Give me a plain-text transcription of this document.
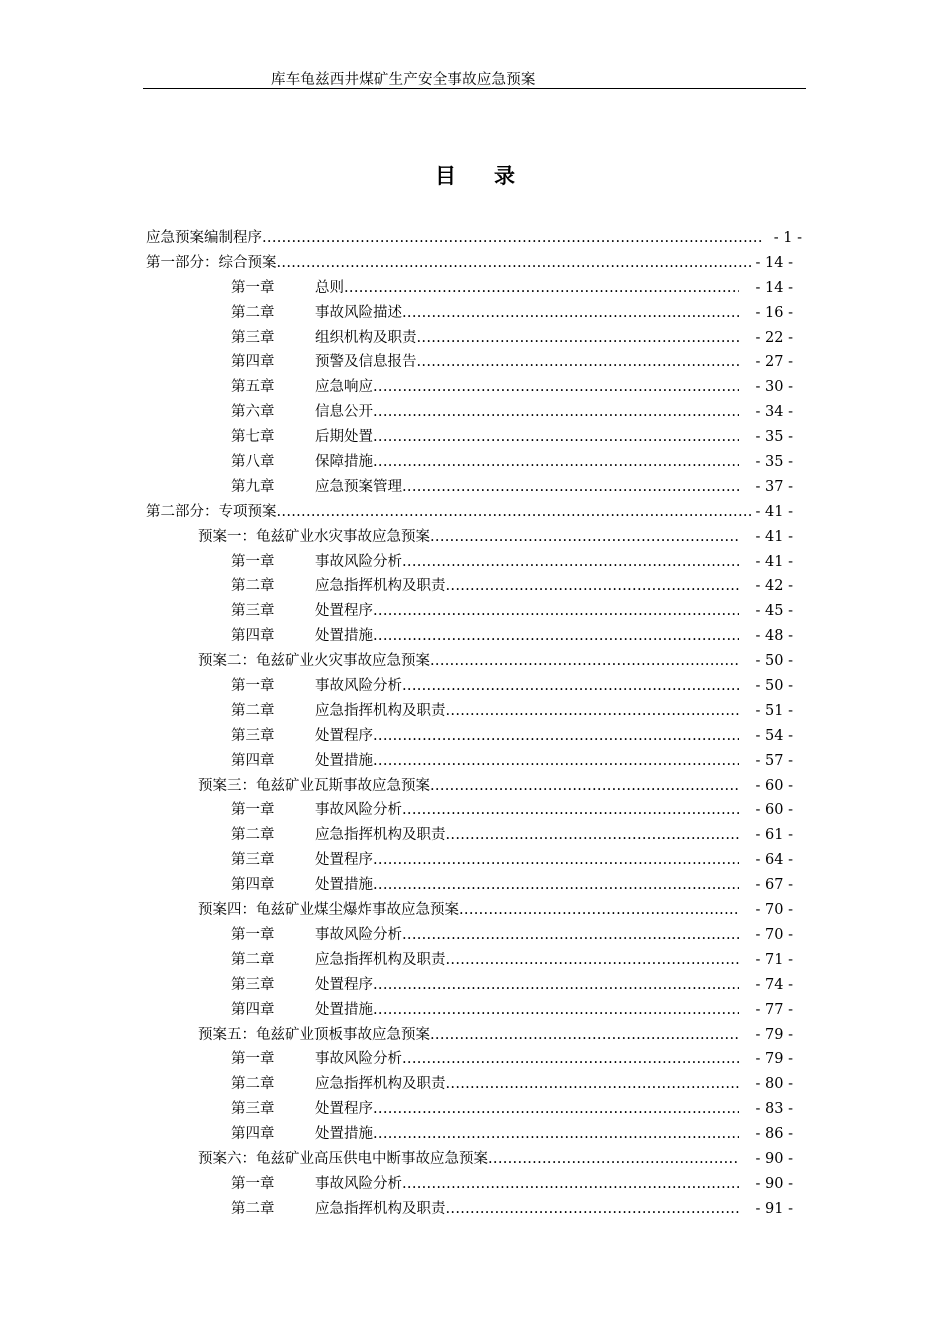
库车龟兹西井煤矿生产安全事故应急预案
目录
应急预案编制程序 .....	- 1 -
第一部分：综合预案 .....	- 14 -
第一章	总则 .....	- 14 -
第二章	事故风险描述 .....	- 16 -
第三章	组织机构及职责 .....	- 22 -
第四章	预警及信息报告 .....	- 27 -
第五章	应急响应 .....	- 30 -
第六章	信息公开 .....	- 34 -
第七章	后期处置 .....	- 35 -
第八章	保障措施 .....	- 35 -
第九章	应急预案管理 .....	- 37 -
第二部分：专项预案 .....	- 41 -
预案一：龟兹矿业水灾事故应急预案 .....	- 41 -
第一章	事故风险分析 .....	- 41 -
第二章	应急指挥机构及职责 .....	- 42 -
第三章	处置程序 .....	- 45 -
第四章	处置措施 .....	- 48 -
预案二：龟兹矿业火灾事故应急预案 .....	- 50 -
第一章	事故风险分析 .....	- 50 -
第二章	应急指挥机构及职责 .....	- 51 -
第三章	处置程序 .....	- 54 -
第四章	处置措施 .....	- 57 -
预案三：龟兹矿业瓦斯事故应急预案 .....	- 60 -
第一章	事故风险分析 .....	- 60 -
第二章	应急指挥机构及职责 .....	- 61 -
第三章	处置程序 .....	- 64 -
第四章	处置措施 .....	- 67 -
预案四：龟兹矿业煤尘爆炸事故应急预案 .....	- 70 -
第一章	事故风险分析 .....	- 70 -
第二章	应急指挥机构及职责 .....	- 71 -
第三章	处置程序 .....	- 74 -
第四章	处置措施 .....	- 77 -
预案五：龟兹矿业顶板事故应急预案 .....	- 79 -
第一章	事故风险分析 .....	- 79 -
第二章	应急指挥机构及职责 .....	- 80 -
第三章	处置程序 .....	- 83 -
第四章	处置措施 .....	- 86 -
预案六：龟兹矿业高压供电中断事故应急预案 .....	- 90 -
第一章	事故风险分析 .....	- 90 -
第二章	应急指挥机构及职责 .....	- 91 -
